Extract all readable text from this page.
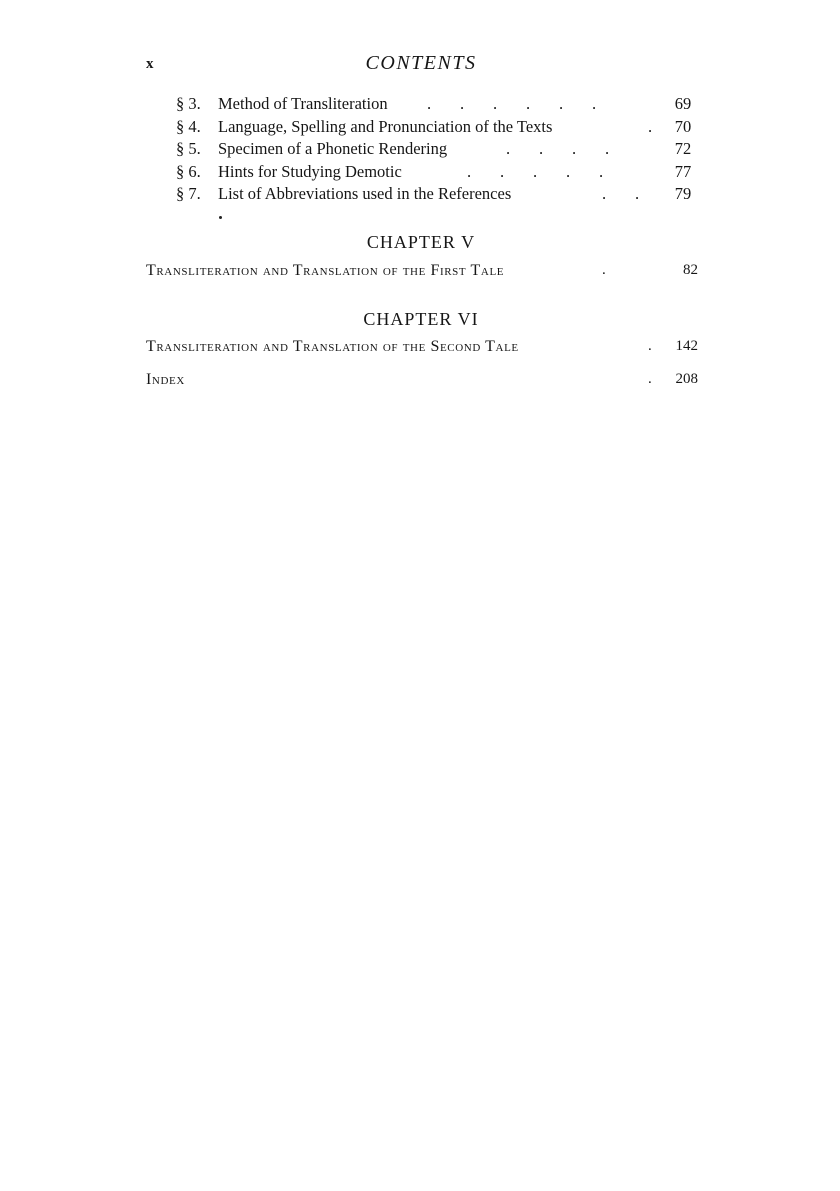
x	CONTENTS
§ 3. Method of Transliteration .       .       .       .       .       .	69
§ 4. Language, Spelling and Pronunciation of the Texts	.	70
§ 5. Specimen of a Phonetic Rendering	.       .       .       .	72
§ 6. Hints for Studying Demotic	.       .       .       .       .	77
§ 7. List of Abbreviations used in the References	.       .	79
CHAPTER V
Transliteration and Translation of the First Tale	.	82
CHAPTER VI
Transliteration and Translation of the Second Tale	. 142
Index	. 208
